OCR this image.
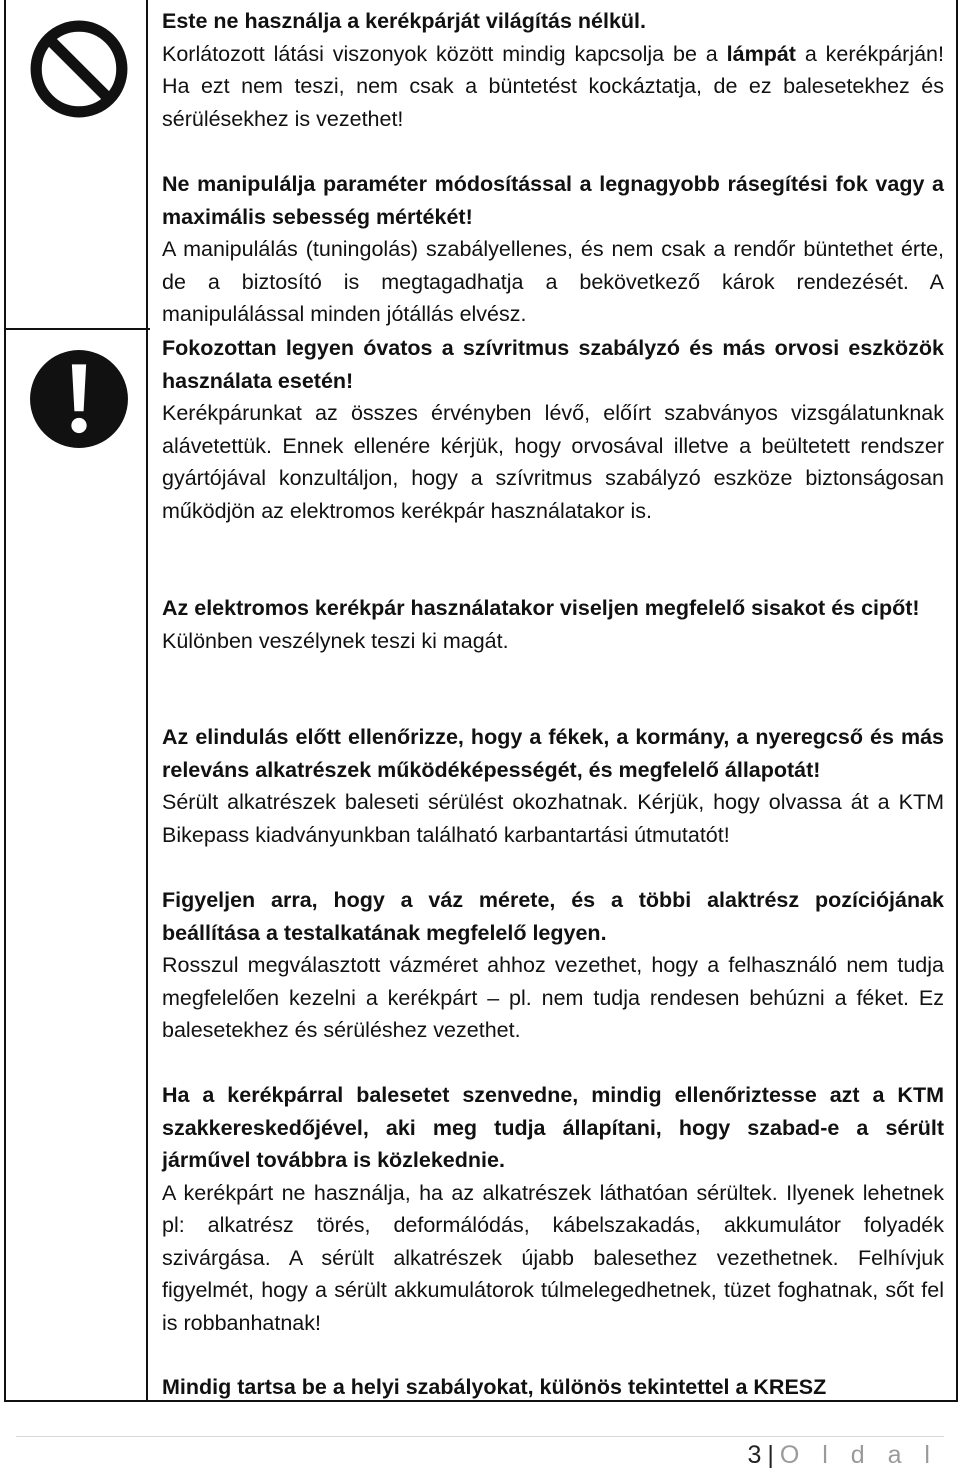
Este ne használja a kerékpárját világítás nélkül.

Korlátozott látási viszonyok között mindig kapcsolja be a lámpát a kerékpárján! Ha ezt nem teszi, nem csak a büntetést kockáztatja, de ez balesetekhez és sérülésekhez is vezethet!

Ne manipulálja paraméter módosítással a legnagyobb rásegítési fok vagy a maximális sebesség mértékét!

A manipulálás (tuningolás) szabályellenes, és nem csak a rendőr büntethet érte, de a biztosító is megtagadhatja a bekövetkező károk rendezését. A manipulálással minden jótállás elvész.

Fokozottan legyen óvatos a szívritmus szabályzó és más orvosi eszközök használata esetén!

Kerékpárunkat az összes érvényben lévő, előírt szabványos vizsgálatunknak alávetettük. Ennek ellenére kérjük, hogy orvosával illetve a beültetett rendszer gyártójával konzultáljon, hogy a szívritmus szabályzó eszköze biztonságosan működjön az elektromos kerékpár használatakor is.

Az elektromos kerékpár használatakor viseljen megfelelő sisakot és cipőt!

Különben veszélynek teszi ki magát.

Az elindulás előtt ellenőrizze, hogy a fékek, a kormány, a nyeregcső és más releváns alkatrészek működéképességét, és megfelelő állapotát!

Sérült alkatrészek baleseti sérülést okozhatnak. Kérjük, hogy olvassa át a KTM Bikepass kiadványunkban található karbantartási útmutatót!

Figyeljen arra, hogy a váz mérete, és a többi alaktrész pozíciójának beállítása a testalkatának megfelelő legyen.

Rosszul megválasztott vázméret ahhoz vezethet, hogy a felhasználó nem tudja megfelelően kezelni a kerékpárt – pl. nem tudja rendesen behúzni a féket. Ez balesetekhez és sérüléshez vezethet.

Ha a kerékpárral balesetet szenvedne, mindig ellenőriztesse azt a KTM szakkereskedőjével, aki meg tudja állapítani, hogy szabad-e a sérült járművel továbbra is közlekednie.

A kerékpárt ne használja, ha az alkatrészek láthatóan sérültek. Ilyenek lehetnek pl: alkatrész törés, deformálódás, kábelszakadás, akkumulátor folyadék szivárgása. A sérült alkatrészek újabb balesethez vezethetnek. Felhívjuk figyelmét, hogy a sérült akkumulátorok túlmelegedhetnek, tüzet foghatnak, sőt fel is robbanhatnak!

Mindig tartsa be a helyi szabályokat, különös tekintettel a KRESZ

3 | O l d a l
